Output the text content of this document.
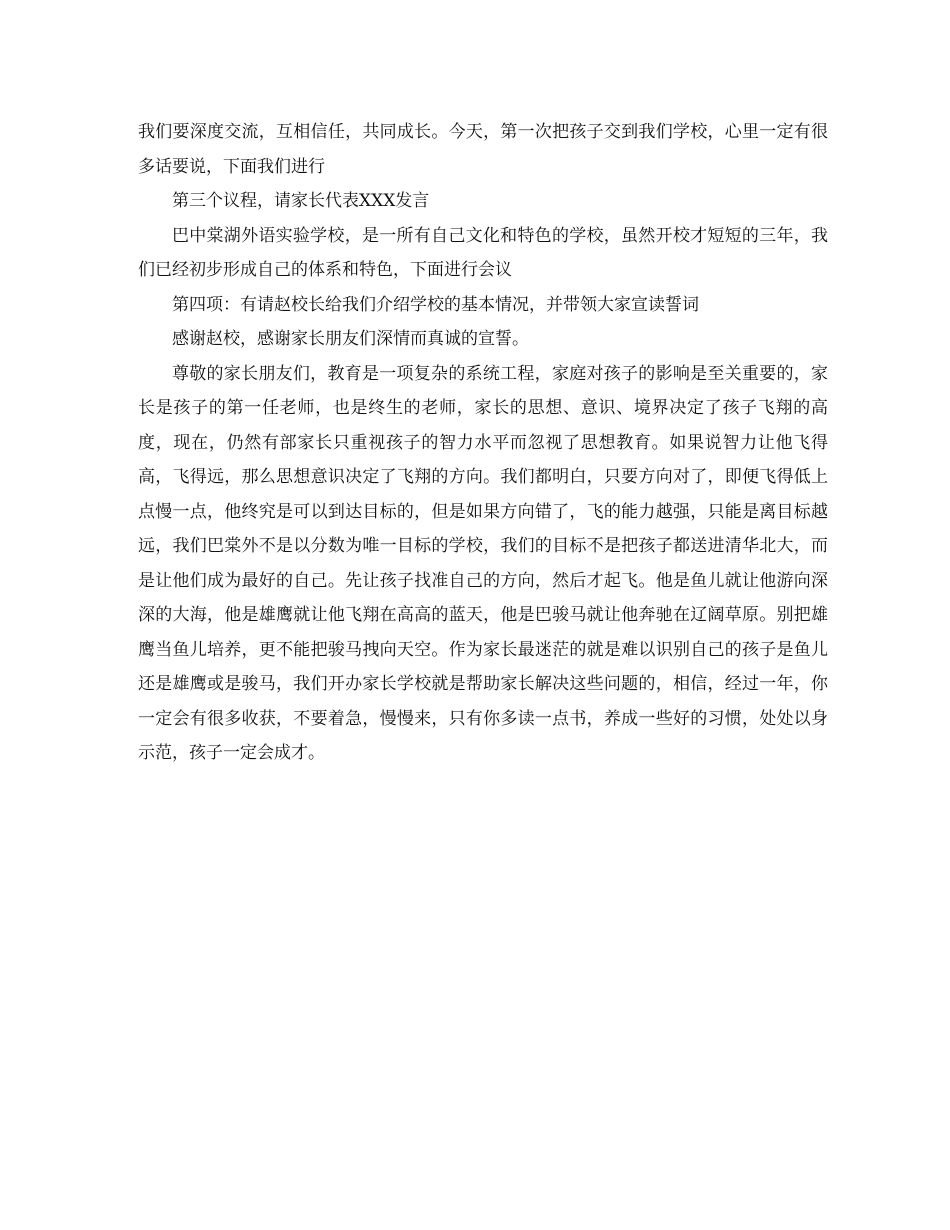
我们要深度交流，互相信任，共同成长。今天，第一次把孩子交到我们学校，心里一定有很多话要说，下面我们进行

第三个议程，请家长代表XXX发言

巴中棠湖外语实验学校，是一所有自己文化和特色的学校，虽然开校才短短的三年，我们已经初步形成自己的体系和特色，下面进行会议

第四项：有请赵校长给我们介绍学校的基本情况，并带领大家宣读誓词

感谢赵校，感谢家长朋友们深情而真诚的宣誓。

尊敬的家长朋友们，教育是一项复杂的系统工程，家庭对孩子的影响是至关重要的，家长是孩子的第一任老师，也是终生的老师，家长的思想、意识、境界决定了孩子飞翔的高度，现在，仍然有部家长只重视孩子的智力水平而忽视了思想教育。如果说智力让他飞得高，飞得远，那么思想意识决定了飞翔的方向。我们都明白，只要方向对了，即便飞得低上点慢一点，他终究是可以到达目标的，但是如果方向错了，飞的能力越强，只能是离目标越远，我们巴棠外不是以分数为唯一目标的学校，我们的目标不是把孩子都送进清华北大，而是让他们成为最好的自己。先让孩子找准自己的方向，然后才起飞。他是鱼儿就让他游向深深的大海，他是雄鹰就让他飞翔在高高的蓝天，他是巴骏马就让他奔驰在辽阔草原。别把雄鹰当鱼儿培养，更不能把骏马拽向天空。作为家长最迷茫的就是难以识别自己的孩子是鱼儿还是雄鹰或是骏马，我们开办家长学校就是帮助家长解决这些问题的，相信，经过一年，你一定会有很多收获，不要着急，慢慢来，只有你多读一点书，养成一些好的习惯，处处以身示范，孩子一定会成才。
